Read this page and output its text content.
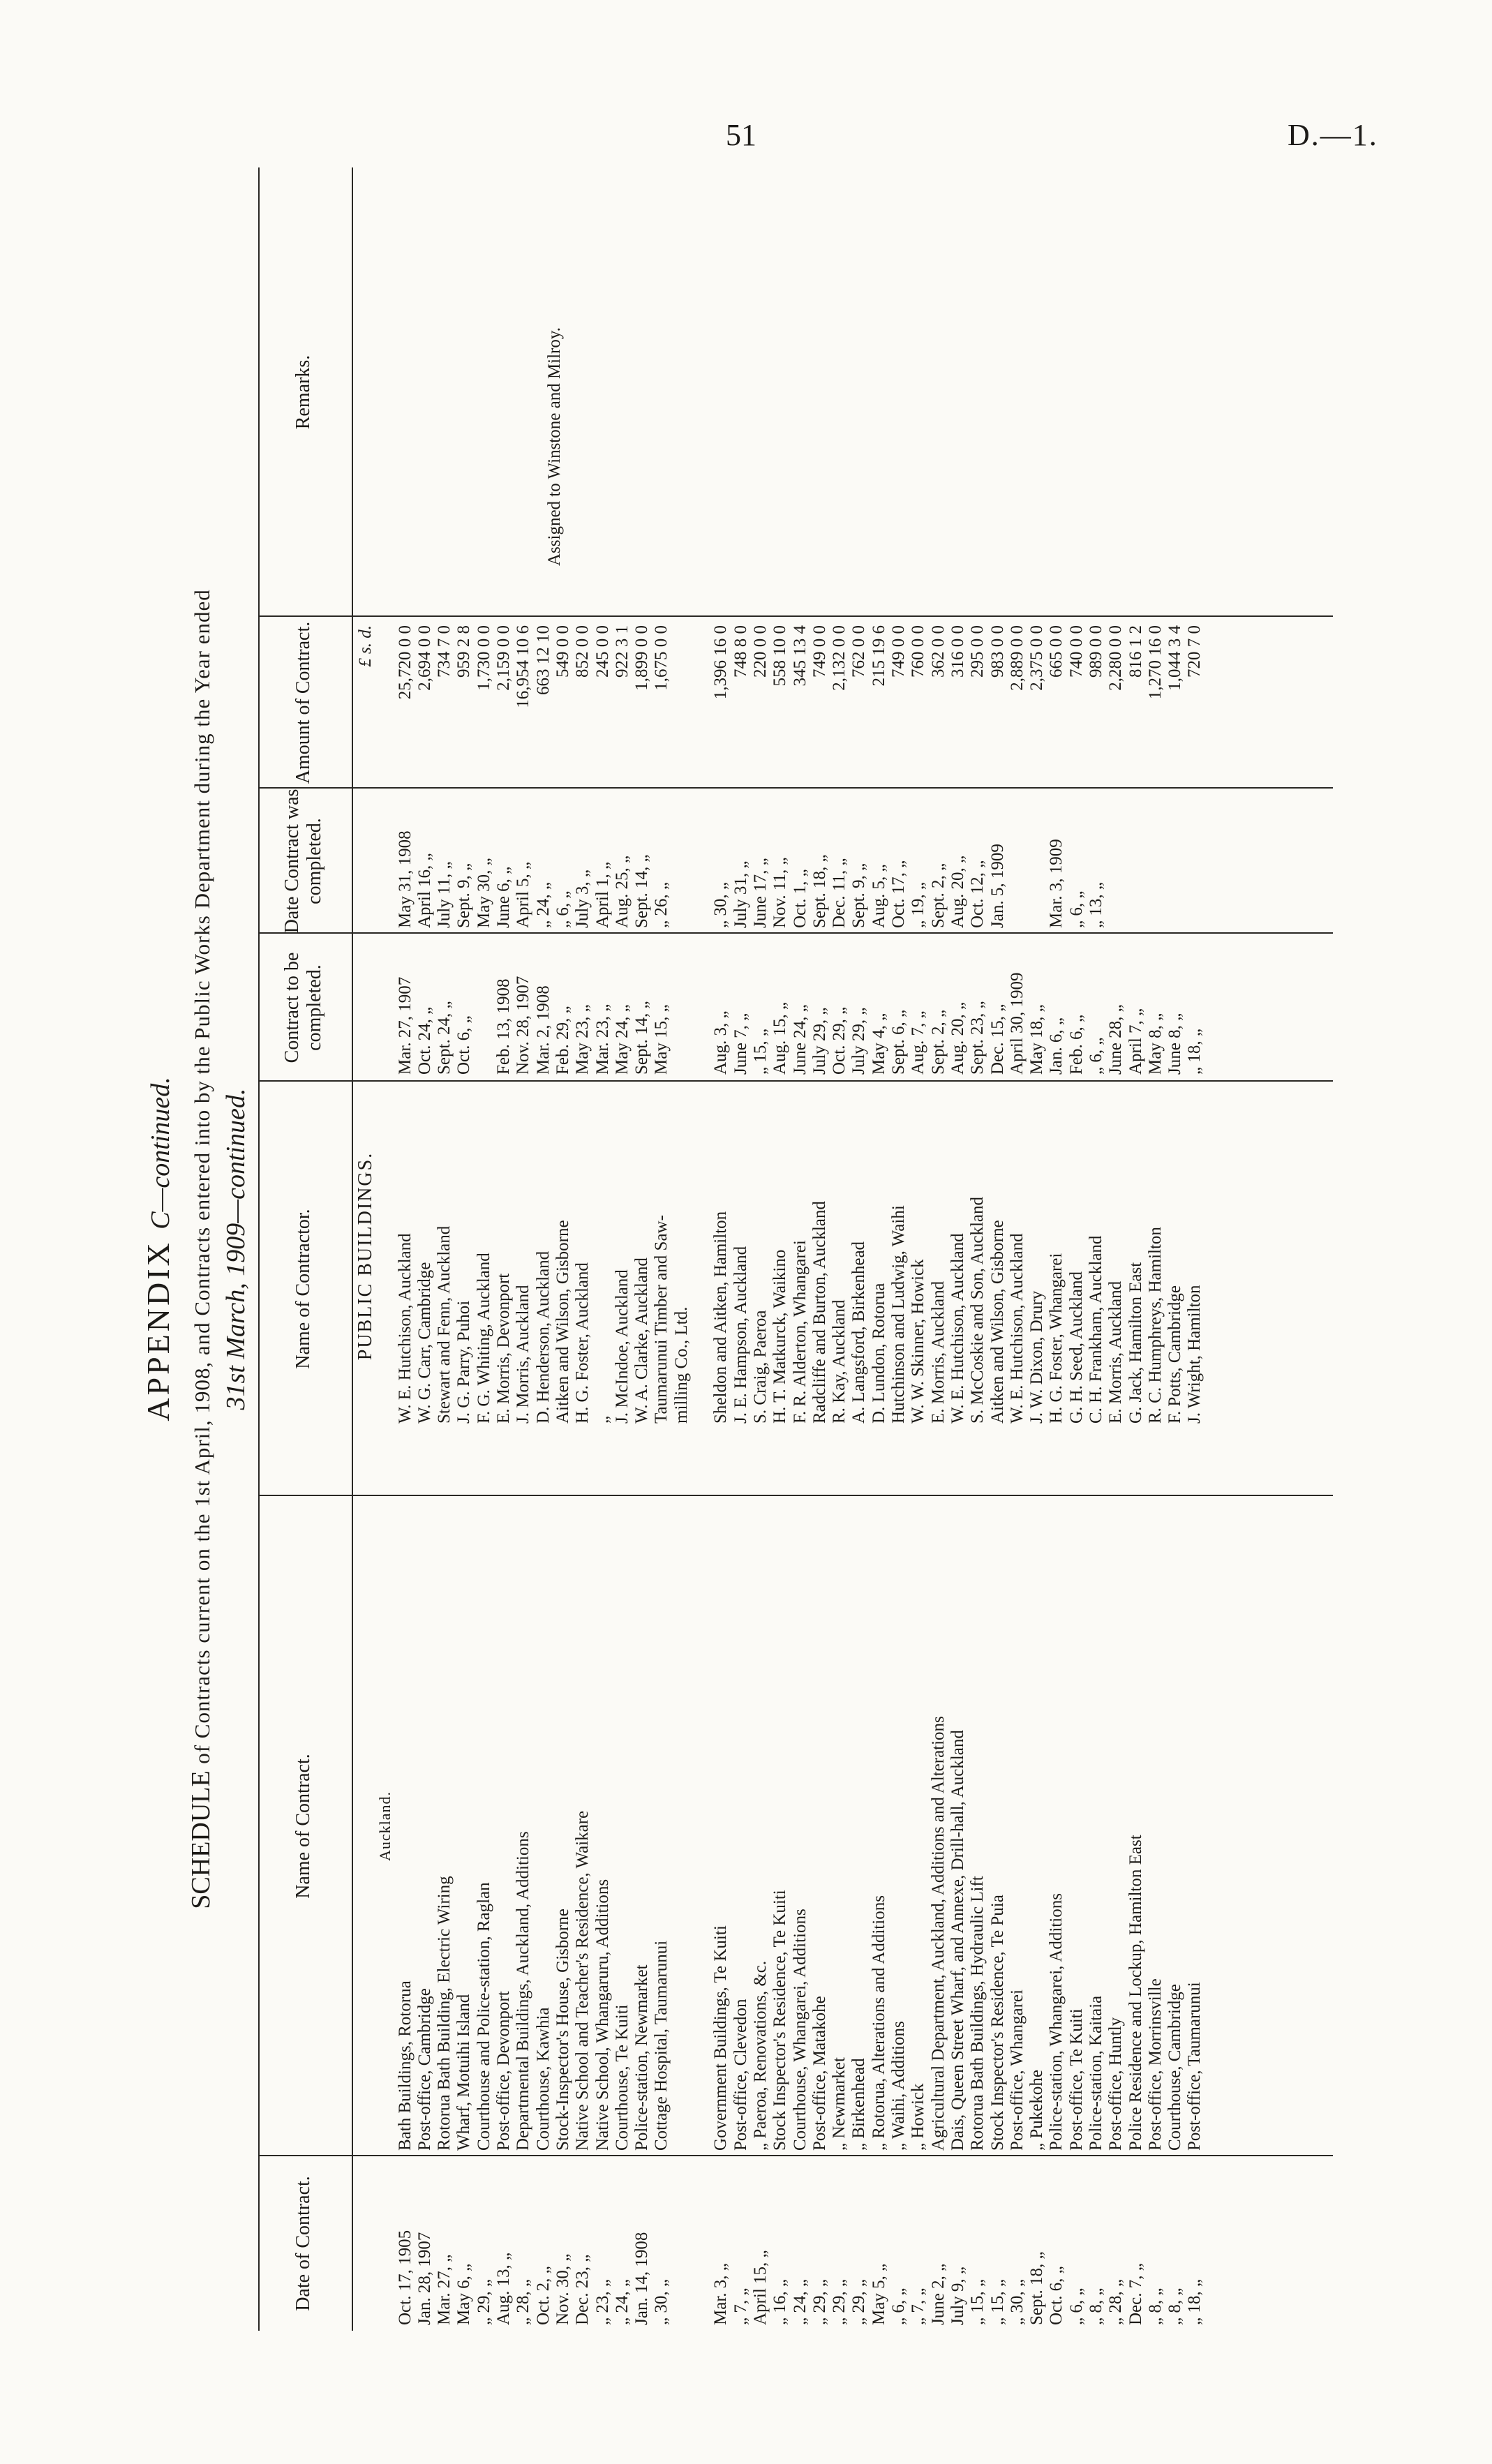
51	D.—1.
APPENDIX C—continued.
SCHEDULE of Contracts current on the 1st April, 1908, and Contracts entered into by the Public Works Department during the Year ended 31st March, 1909—continued.
Date of Contract.
Name of Contract.
Name of Contractor.
Contract to be completed.
Date Contract was completed.
Amount of Contract.
Remarks.
PUBLIC BUILDINGS.
£ s. d.
Auckland.
Oct. 17, 1905
Bath Buildings, Rotorua
W. E. Hutchison, Auckland
Mar. 27, 1907
May 31, 1908
25,720 0 0
Jan. 28, 1907
Post-office, Cambridge
W. G. Carr, Cambridge
Oct. 24, „
April 16, „
2,694 0 0
Mar. 27, „
Rotorua Bath Building, Electric Wiring
Stewart and Fenn, Auckland
Sept. 24, „
July 11, „
734 7 0
May 6, „
Wharf, Motuihi Island
J. G. Parry, Puhoi
Oct. 6, „
Sept. 9, „
959 2 8
„ 29, „
Courthouse and Police-station, Raglan
F. G. Whiting, Auckland
May 30, „
1,730 0 0
Aug. 13, „
Post-office, Devonport
E. Morris, Devonport
Feb. 13, 1908
June 6, „
2,159 0 0
„ 28, „
Departmental Buildings, Auckland, Additions
J. Morris, Auckland
Nov. 28, 1907
April 5, „
16,954 10 6
Oct. 2, „
Courthouse, Kawhia
D. Henderson, Auckland
Mar. 2, 1908
„ 24, „
663 12 10
Nov. 30, „
Stock-Inspector's House, Gisborne
Aitken and Wilson, Gisborne
Feb. 29, „
„ 6, „
549 0 0
Dec. 23, „
Native School and Teacher's Residence, Waikare
H. G. Foster, Auckland
May 23, „
July 3, „
852 0 0
„ 23, „
Native School, Whangaruru, Additions
„
Mar. 23, „
April 1, „
245 0 0
„ 24, „
Courthouse, Te Kuiti
J. McIndoe, Auckland
May 24, „
Aug. 25, „
922 3 1
Jan. 14, 1908
Police-station, Newmarket
W. A. Clarke, Auckland
Sept. 14, „
Sept. 14, „
1,899 0 0
„ 30, „
Cottage Hospital, Taumarunui
Taumarunui Timber and Saw-
May 15, „
„ 26, „
1,675 0 0
milling Co., Ltd.
Mar. 3, „
Government Buildings, Te Kuiti
Sheldon and Aitken, Hamilton
Aug. 3, „
„ 30, „
1,396 16 0
„ 7, „
Post-office, Clevedon
J. E. Hampson, Auckland
June 7, „
July 31, „
748 8 0
April 15, „
„ Paeroa, Renovations, &c.
S. Craig, Paeroa
„ 15, „
June 17, „
220 0 0
„ 16, „
Stock Inspector's Residence, Te Kuiti
H. T. Matkurck, Waikino
Aug. 15, „
Nov. 11, „
558 10 0
„ 24, „
Courthouse, Whangarei, Additions
F. R. Alderton, Whangarei
June 24, „
Oct. 1, „
345 13 4
„ 29, „
Post-office, Matakohe
Radcliffe and Burton, Auckland
July 29, „
Sept. 18, „
749 0 0
„ 29, „
„ Newmarket
R. Kay, Auckland
Oct. 29, „
Dec. 11, „
2,132 0 0
„ 29, „
„ Birkenhead
A. Langsford, Birkenhead
July 29, „
Sept. 9, „
762 0 0
May 5, „
„ Rotorua, Alterations and Additions
D. Lundon, Rotorua
May 4, „
Aug. 5, „
215 19 6
„ 6, „
„ Waihi, Additions
Hutchinson and Ludwig, Waihi
Sept. 6, „
Oct. 17, „
749 0 0
„ 7, „
„ Howick
W. W. Skinner, Howick
Aug. 7, „
„ 19, „
760 0 0
June 2, „
Agricultural Department, Auckland, Additions and Alterations
E. Morris, Auckland
Sept. 2, „
Sept. 2, „
362 0 0
July 9, „
Dais, Queen Street Wharf, and Annexe, Drill-hall, Auckland
W. E. Hutchison, Auckland
Aug. 20, „
Aug. 20, „
316 0 0
„ 15, „
Rotorua Bath Buildings, Hydraulic Lift
S. McCoskie and Son, Auckland
Sept. 23, „
Oct. 12, „
295 0 0
„ 15, „
Stock Inspector's Residence, Te Puia
Aitken and Wilson, Gisborne
Dec. 15, „
Jan. 5, 1909
983 0 0
„ 30, „
Post-office, Whangarei
W. E. Hutchison, Auckland
April 30, 1909
2,889 0 0
Sept. 18, „
„ Pukekohe
J. W. Dixon, Drury
May 18, „
2,375 0 0
Oct. 6, „
Police-station, Whangarei, Additions
H. G. Foster, Whangarei
Jan. 6, „
Mar. 3, 1909
665 0 0
„ 6, „
Post-office, Te Kuiti
G. H. Seed, Auckland
Feb. 6, „
„ 6, „
740 0 0
„ 8, „
Police-station, Kaitaia
C. H. Frankham, Auckland
„ 6, „
„ 13, „
989 0 0
„ 28, „
Post-office, Huntly
E. Morris, Auckland
June 28, „
2,280 0 0
Dec. 7, „
Police Residence and Lockup, Hamilton East
G. Jack, Hamilton East
April 7, „
816 1 2
„ 8, „
Post-office, Morrinsville
R. C. Humphreys, Hamilton
May 8, „
1,270 16 0
„ 8, „
Courthouse, Cambridge
F. Potts, Cambridge
June 8, „
1,044 3 4
„ 18, „
Post-office, Taumarunui
J. Wright, Hamilton
„ 18, „
720 7 0
Assigned to Winstone and Milroy.
